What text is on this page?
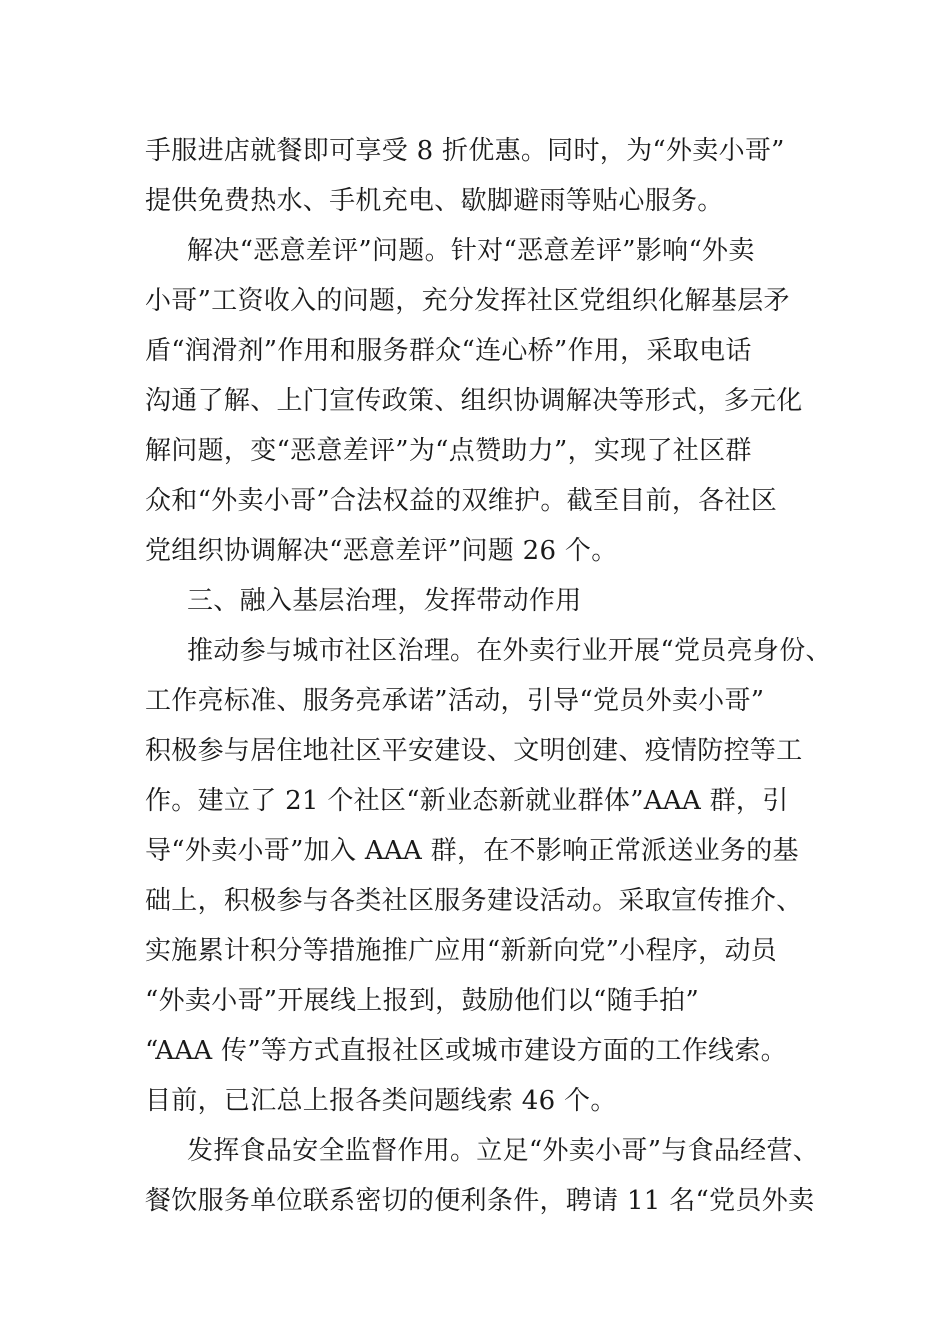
手服进店就餐即可享受 8 折优惠。同时，为“外卖小哥”
提供免费热水、手机充电、歇脚避雨等贴心服务。
解决“恶意差评”问题。针对“恶意差评”影响“外卖
小哥”工资收入的问题，充分发挥社区党组织化解基层矛
盾“润滑剂”作用和服务群众“连心桥”作用，采取电话
沟通了解、上门宣传政策、组织协调解决等形式，多元化
解问题，变“恶意差评”为“点赞助力”，实现了社区群
众和“外卖小哥”合法权益的双维护。截至目前，各社区
党组织协调解决“恶意差评”问题 26 个。
三、融入基层治理，发挥带动作用
推动参与城市社区治理。在外卖行业开展“党员亮身份、
工作亮标准、服务亮承诺”活动，引导“党员外卖小哥”
积极参与居住地社区平安建设、文明创建、疫情防控等工
作。建立了 21 个社区“新业态新就业群体”AAA 群，引
导“外卖小哥”加入 AAA 群，在不影响正常派送业务的基
础上，积极参与各类社区服务建设活动。采取宣传推介、
实施累计积分等措施推广应用“新新向党”小程序，动员
“外卖小哥”开展线上报到，鼓励他们以“随手拍”
“AAA 传”等方式直报社区或城市建设方面的工作线索。
目前，已汇总上报各类问题线索 46 个。
发挥食品安全监督作用。立足“外卖小哥”与食品经营、
餐饮服务单位联系密切的便利条件，聘请 11 名“党员外卖
